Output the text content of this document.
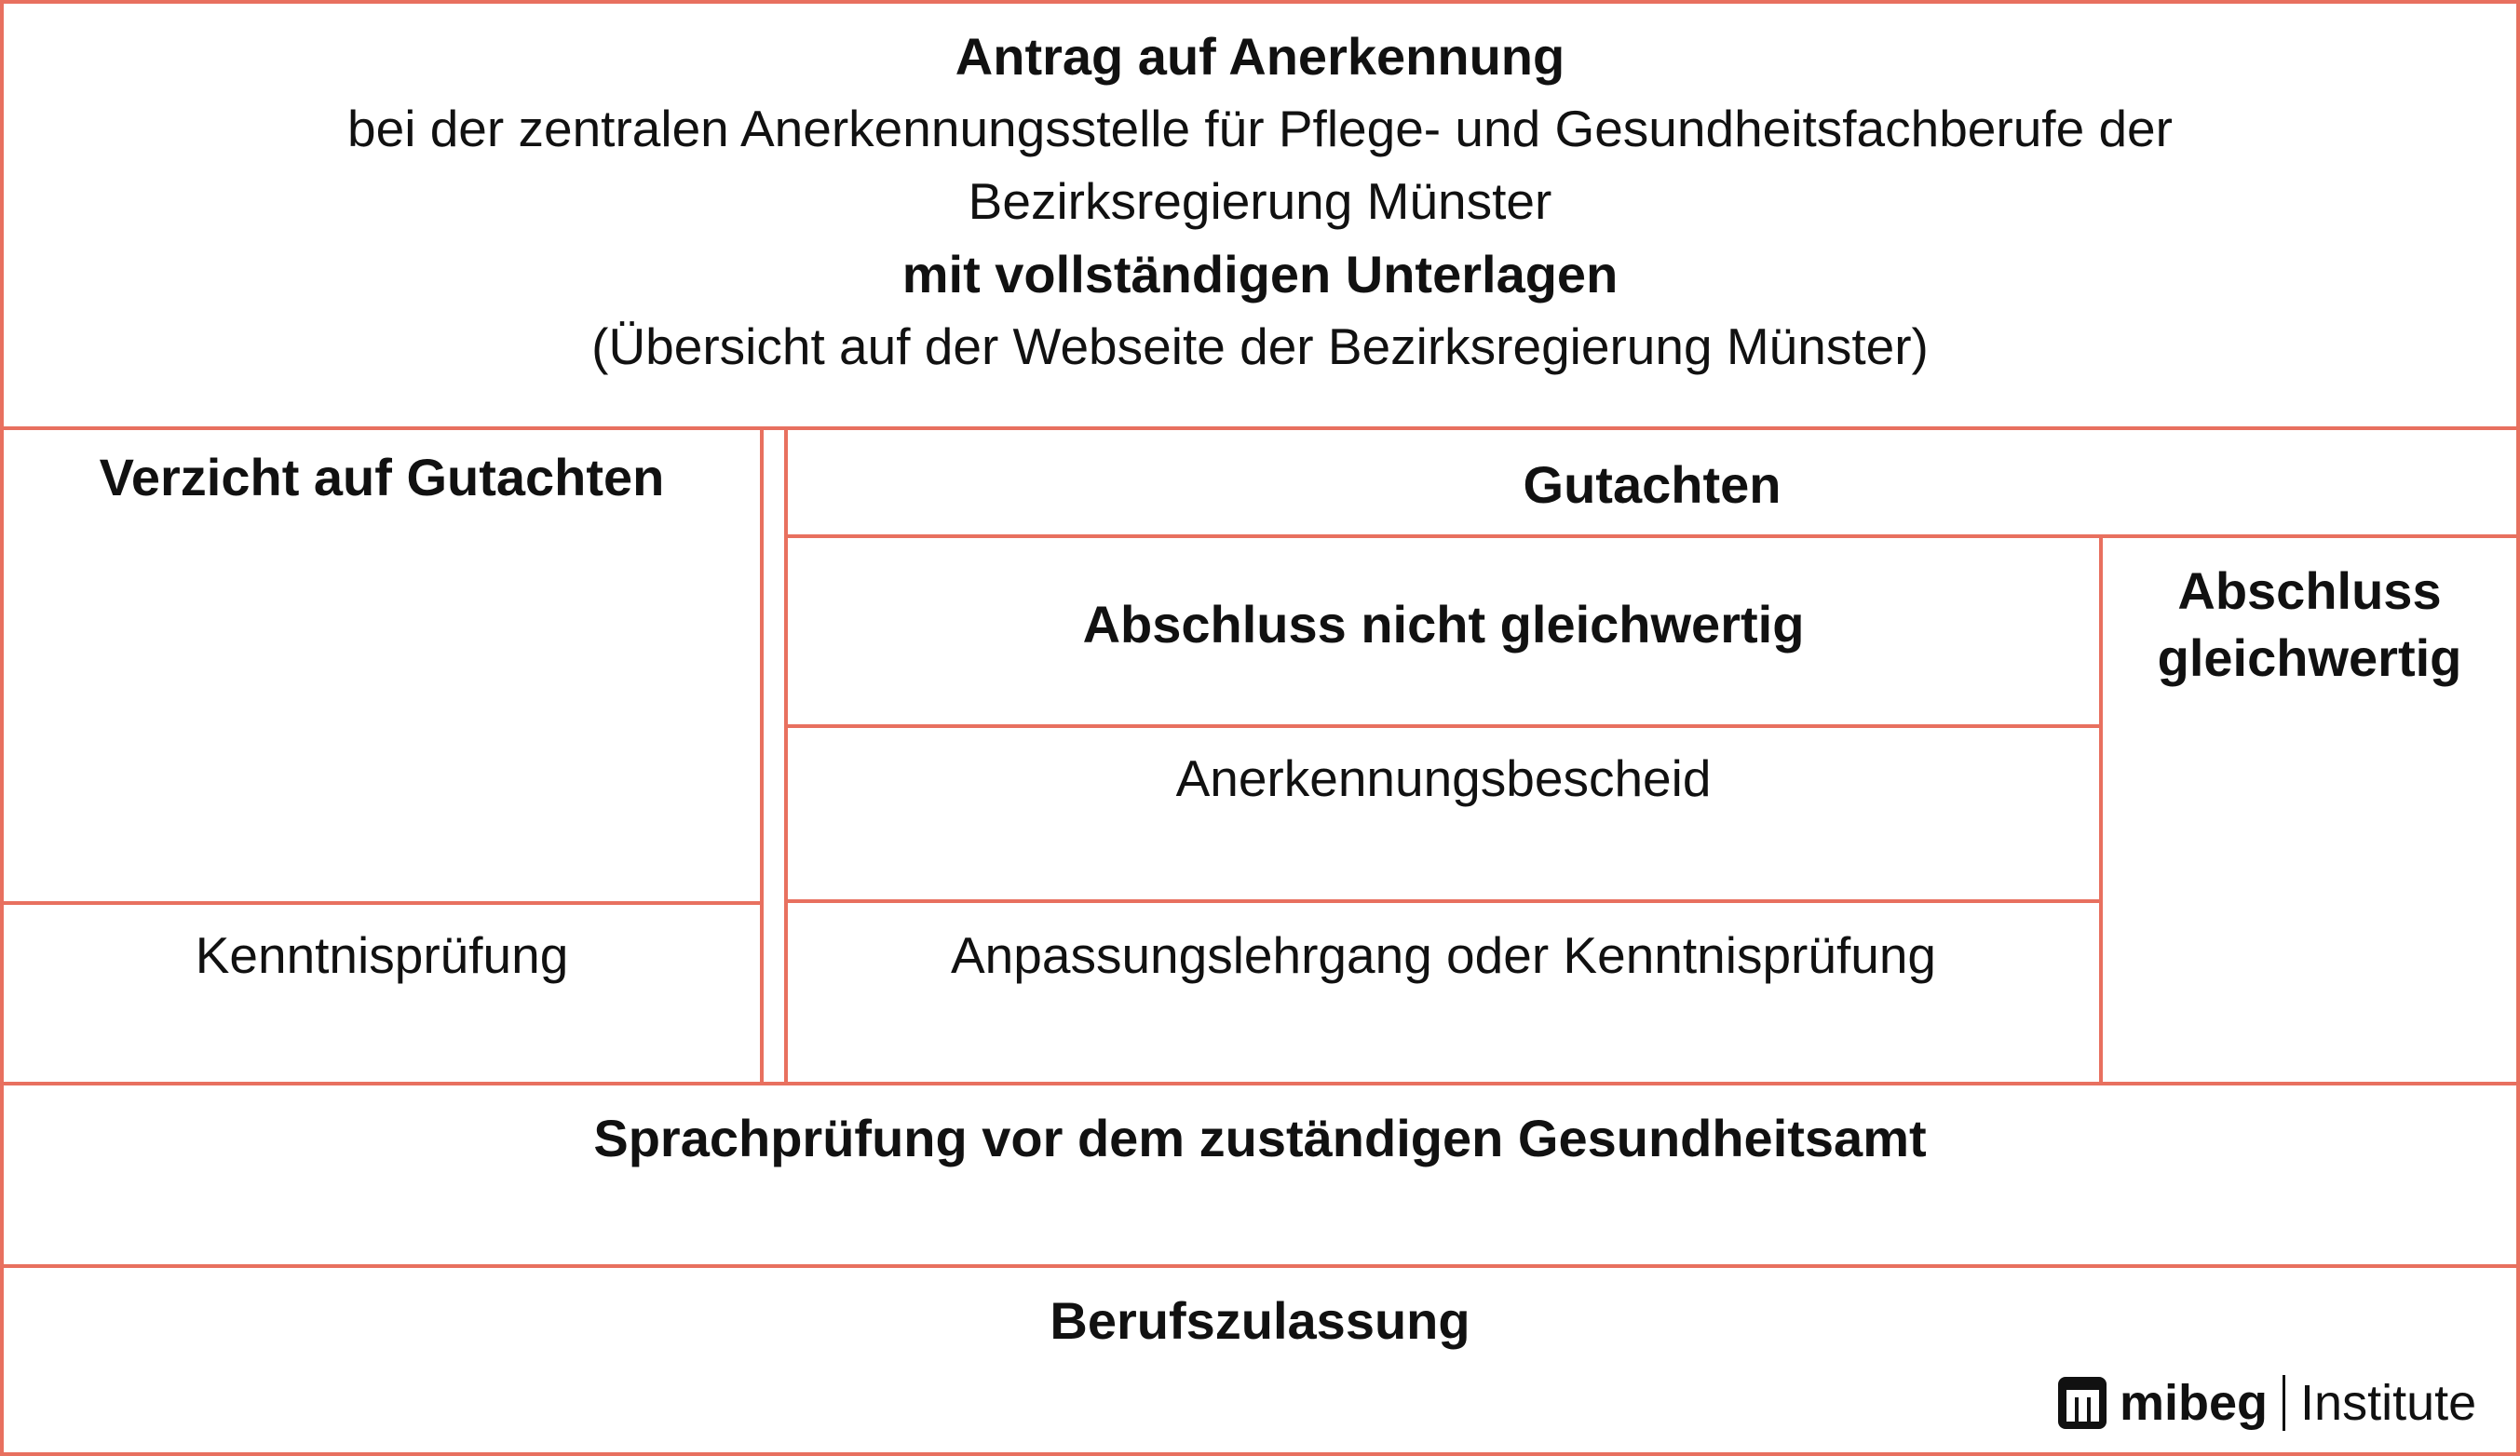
Antrag auf Anerkennung
bei der zentralen Anerkennungsstelle für Pflege- und Gesundheitsfachberufe der
Bezirksregierung Münster
mit vollständigen Unterlagen
(Übersicht auf der Webseite der Bezirksregierung Münster)
Verzicht auf Gutachten
Kenntnisprüfung
Gutachten
Abschluss nicht gleichwertig
Anerkennungsbescheid
Anpassungslehrgang oder Kenntnisprüfung
Abschluss
gleichwertig
Sprachprüfung vor dem zuständigen Gesundheitsamt
Berufszulassung
mibeg Institute
